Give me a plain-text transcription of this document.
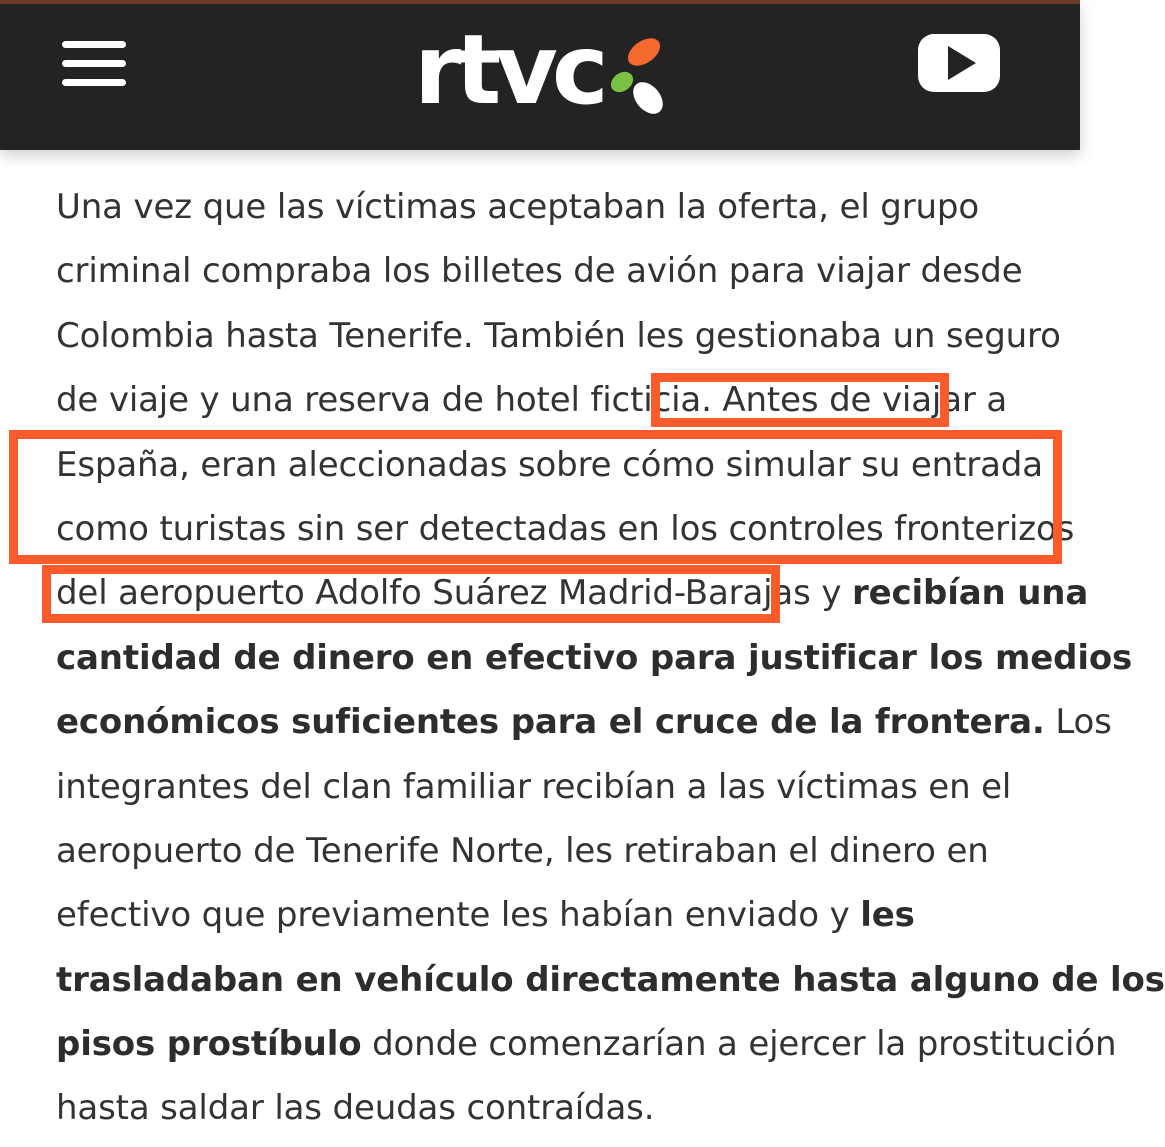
rtvc
Una vez que las víctimas aceptaban la oferta, el grupo
criminal compraba los billetes de avión para viajar desde
Colombia hasta Tenerife. También les gestionaba un seguro
de viaje y una reserva de hotel ficticia. Antes de viajar a
España, eran aleccionadas sobre cómo simular su entrada
como turistas sin ser detectadas en los controles fronterizos
del aeropuerto Adolfo Suárez Madrid-Barajas y recibían una
cantidad de dinero en efectivo para justificar los medios
económicos suficientes para el cruce de la frontera. Los
integrantes del clan familiar recibían a las víctimas en el
aeropuerto de Tenerife Norte, les retiraban el dinero en
efectivo que previamente les habían enviado y les
trasladaban en vehículo directamente hasta alguno de los
pisos prostíbulo donde comenzarían a ejercer la prostitución
hasta saldar las deudas contraídas.
